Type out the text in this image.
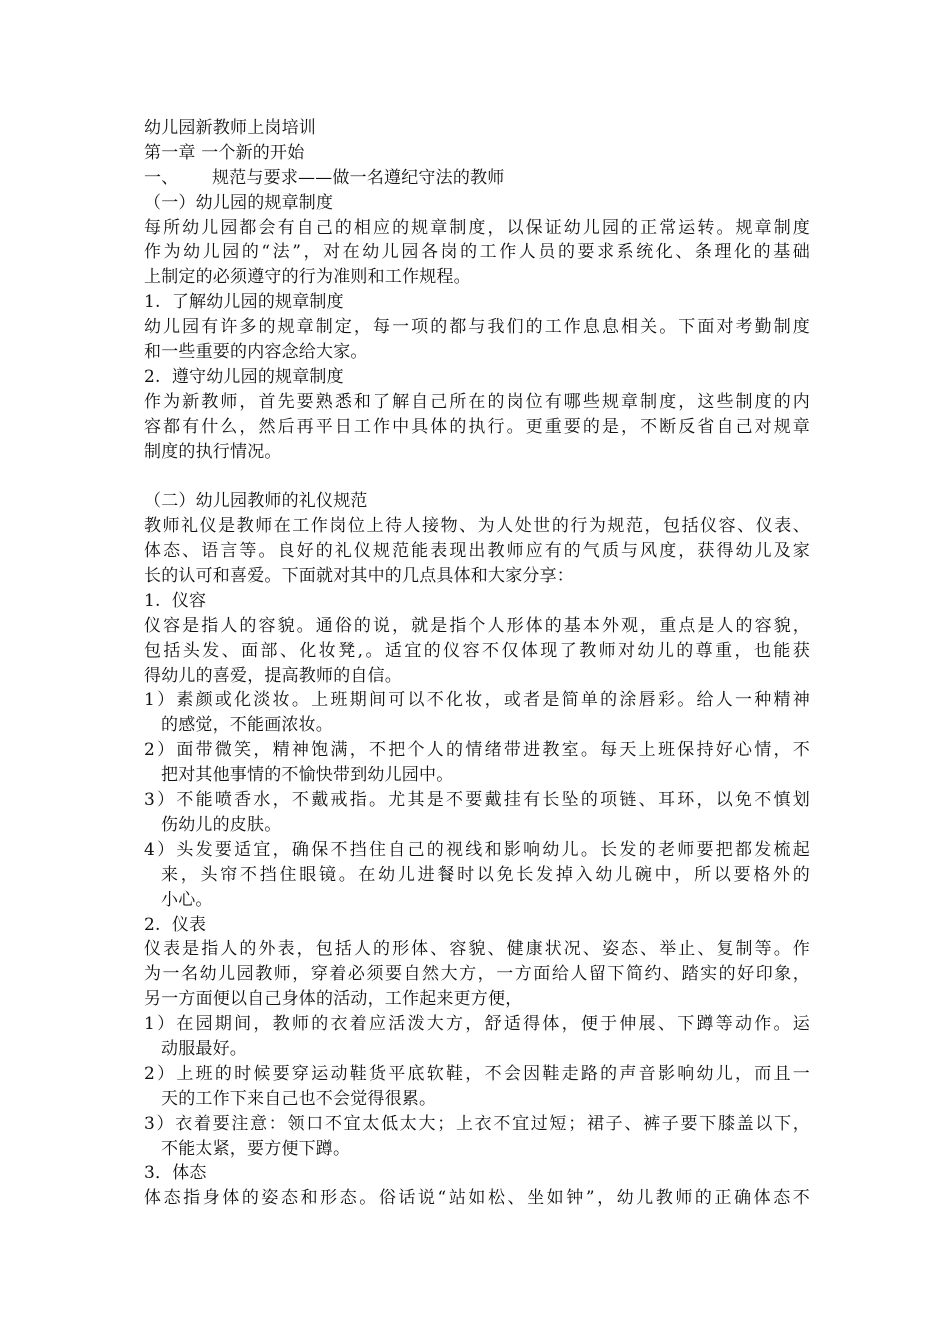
幼儿园新教师上岗培训
第一章 一个新的开始
一、      规范与要求——做一名遵纪守法的教师
（一）幼儿园的规章制度
每所幼儿园都会有自己的相应的规章制度，以保证幼儿园的正常运转。规章制度
作为幼儿园的“法”，对在幼儿园各岗的工作人员的要求系统化、条理化的基础
上制定的必须遵守的行为准则和工作规程。
1.  了解幼儿园的规章制度
幼儿园有许多的规章制定，每一项的都与我们的工作息息相关。下面对考勤制度
和一些重要的内容念给大家。
2.  遵守幼儿园的规章制度
作为新教师，首先要熟悉和了解自己所在的岗位有哪些规章制度，这些制度的内
容都有什么，然后再平日工作中具体的执行。更重要的是，不断反省自己对规章
制度的执行情况。
（二）幼儿园教师的礼仪规范
教师礼仪是教师在工作岗位上待人接物、为人处世的行为规范，包括仪容、仪表、
体态、语言等。良好的礼仪规范能表现出教师应有的气质与风度，获得幼儿及家
长的认可和喜爱。下面就对其中的几点具体和大家分享：
1.  仪容
仪容是指人的容貌。通俗的说，就是指个人形体的基本外观，重点是人的容貌，
包括头发、面部、化妆凳,。适宜的仪容不仅体现了教师对幼儿的尊重，也能获
得幼儿的喜爱，提高教师的自信。
1）素颜或化淡妆。上班期间可以不化妆，或者是简单的涂唇彩。给人一种精神
的感觉，不能画浓妆。
2）面带微笑，精神饱满，不把个人的情绪带进教室。每天上班保持好心情，不
把对其他事情的不愉快带到幼儿园中。
3）不能喷香水，不戴戒指。尤其是不要戴挂有长坠的项链、耳环，以免不慎划
伤幼儿的皮肤。
4）头发要适宜，确保不挡住自己的视线和影响幼儿。长发的老师要把都发梳起
来，头帘不挡住眼镜。在幼儿进餐时以免长发掉入幼儿碗中，所以要格外的
小心。
2.  仪表
仪表是指人的外表，包括人的形体、容貌、健康状况、姿态、举止、复制等。作
为一名幼儿园教师，穿着必须要自然大方，一方面给人留下简约、踏实的好印象，
另一方面便以自己身体的活动，工作起来更方便，
1）在园期间，教师的衣着应活泼大方，舒适得体，便于伸展、下蹲等动作。运
动服最好。
2）上班的时候要穿运动鞋货平底软鞋，不会因鞋走路的声音影响幼儿，而且一
天的工作下来自己也不会觉得很累。
3）衣着要注意：领口不宜太低太大；上衣不宜过短；裙子、裤子要下膝盖以下，
不能太紧，要方便下蹲。
3．体态
体态指身体的姿态和形态。俗话说“站如松、坐如钟”，幼儿教师的正确体态不
